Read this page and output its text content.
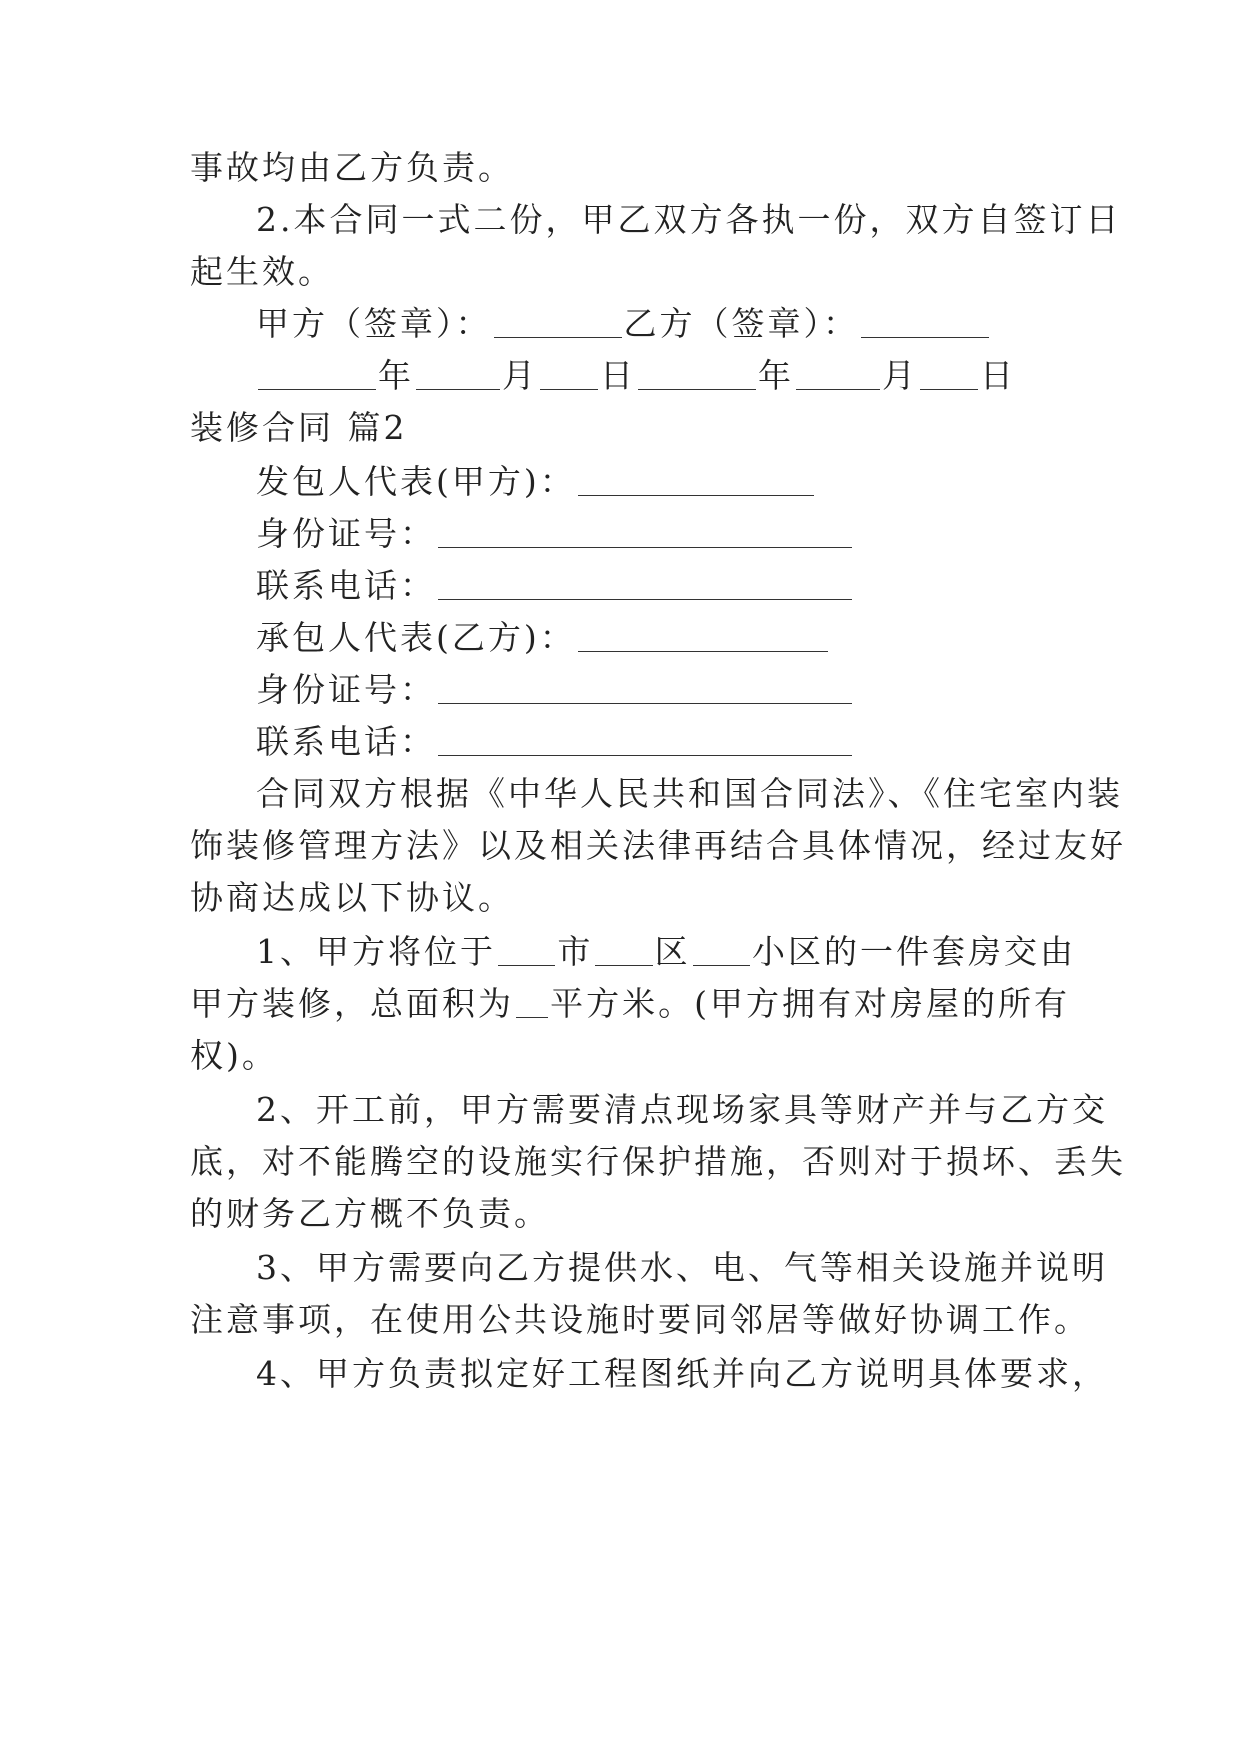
事故均由乙方负责。
2.本合同一式二份，甲乙双方各执一份，双方自签订日
起生效。
甲方（签章）：	乙方（签章）：
年	月 日	年	月 日
装修合同 篇2
发包人代表(甲方)：
身份证号：
联系电话：
承包人代表(乙方)：
身份证号：
联系电话：
合同双方根据《中华人民共和国合同法》、《住宅室内装
饰装修管理方法》以及相关法律再结合具体情况，经过友好
协商达成以下协议。
1、甲方将位于 市 区 小区的一件套房交由
甲方装修，总面积为 平方米。(甲方拥有对房屋的所有
权)。
2、开工前，甲方需要清点现场家具等财产并与乙方交
底，对不能腾空的设施实行保护措施，否则对于损坏、丢失
的财务乙方概不负责。
3、甲方需要向乙方提供水、电、气等相关设施并说明
注意事项，在使用公共设施时要同邻居等做好协调工作。
4、甲方负责拟定好工程图纸并向乙方说明具体要求，
